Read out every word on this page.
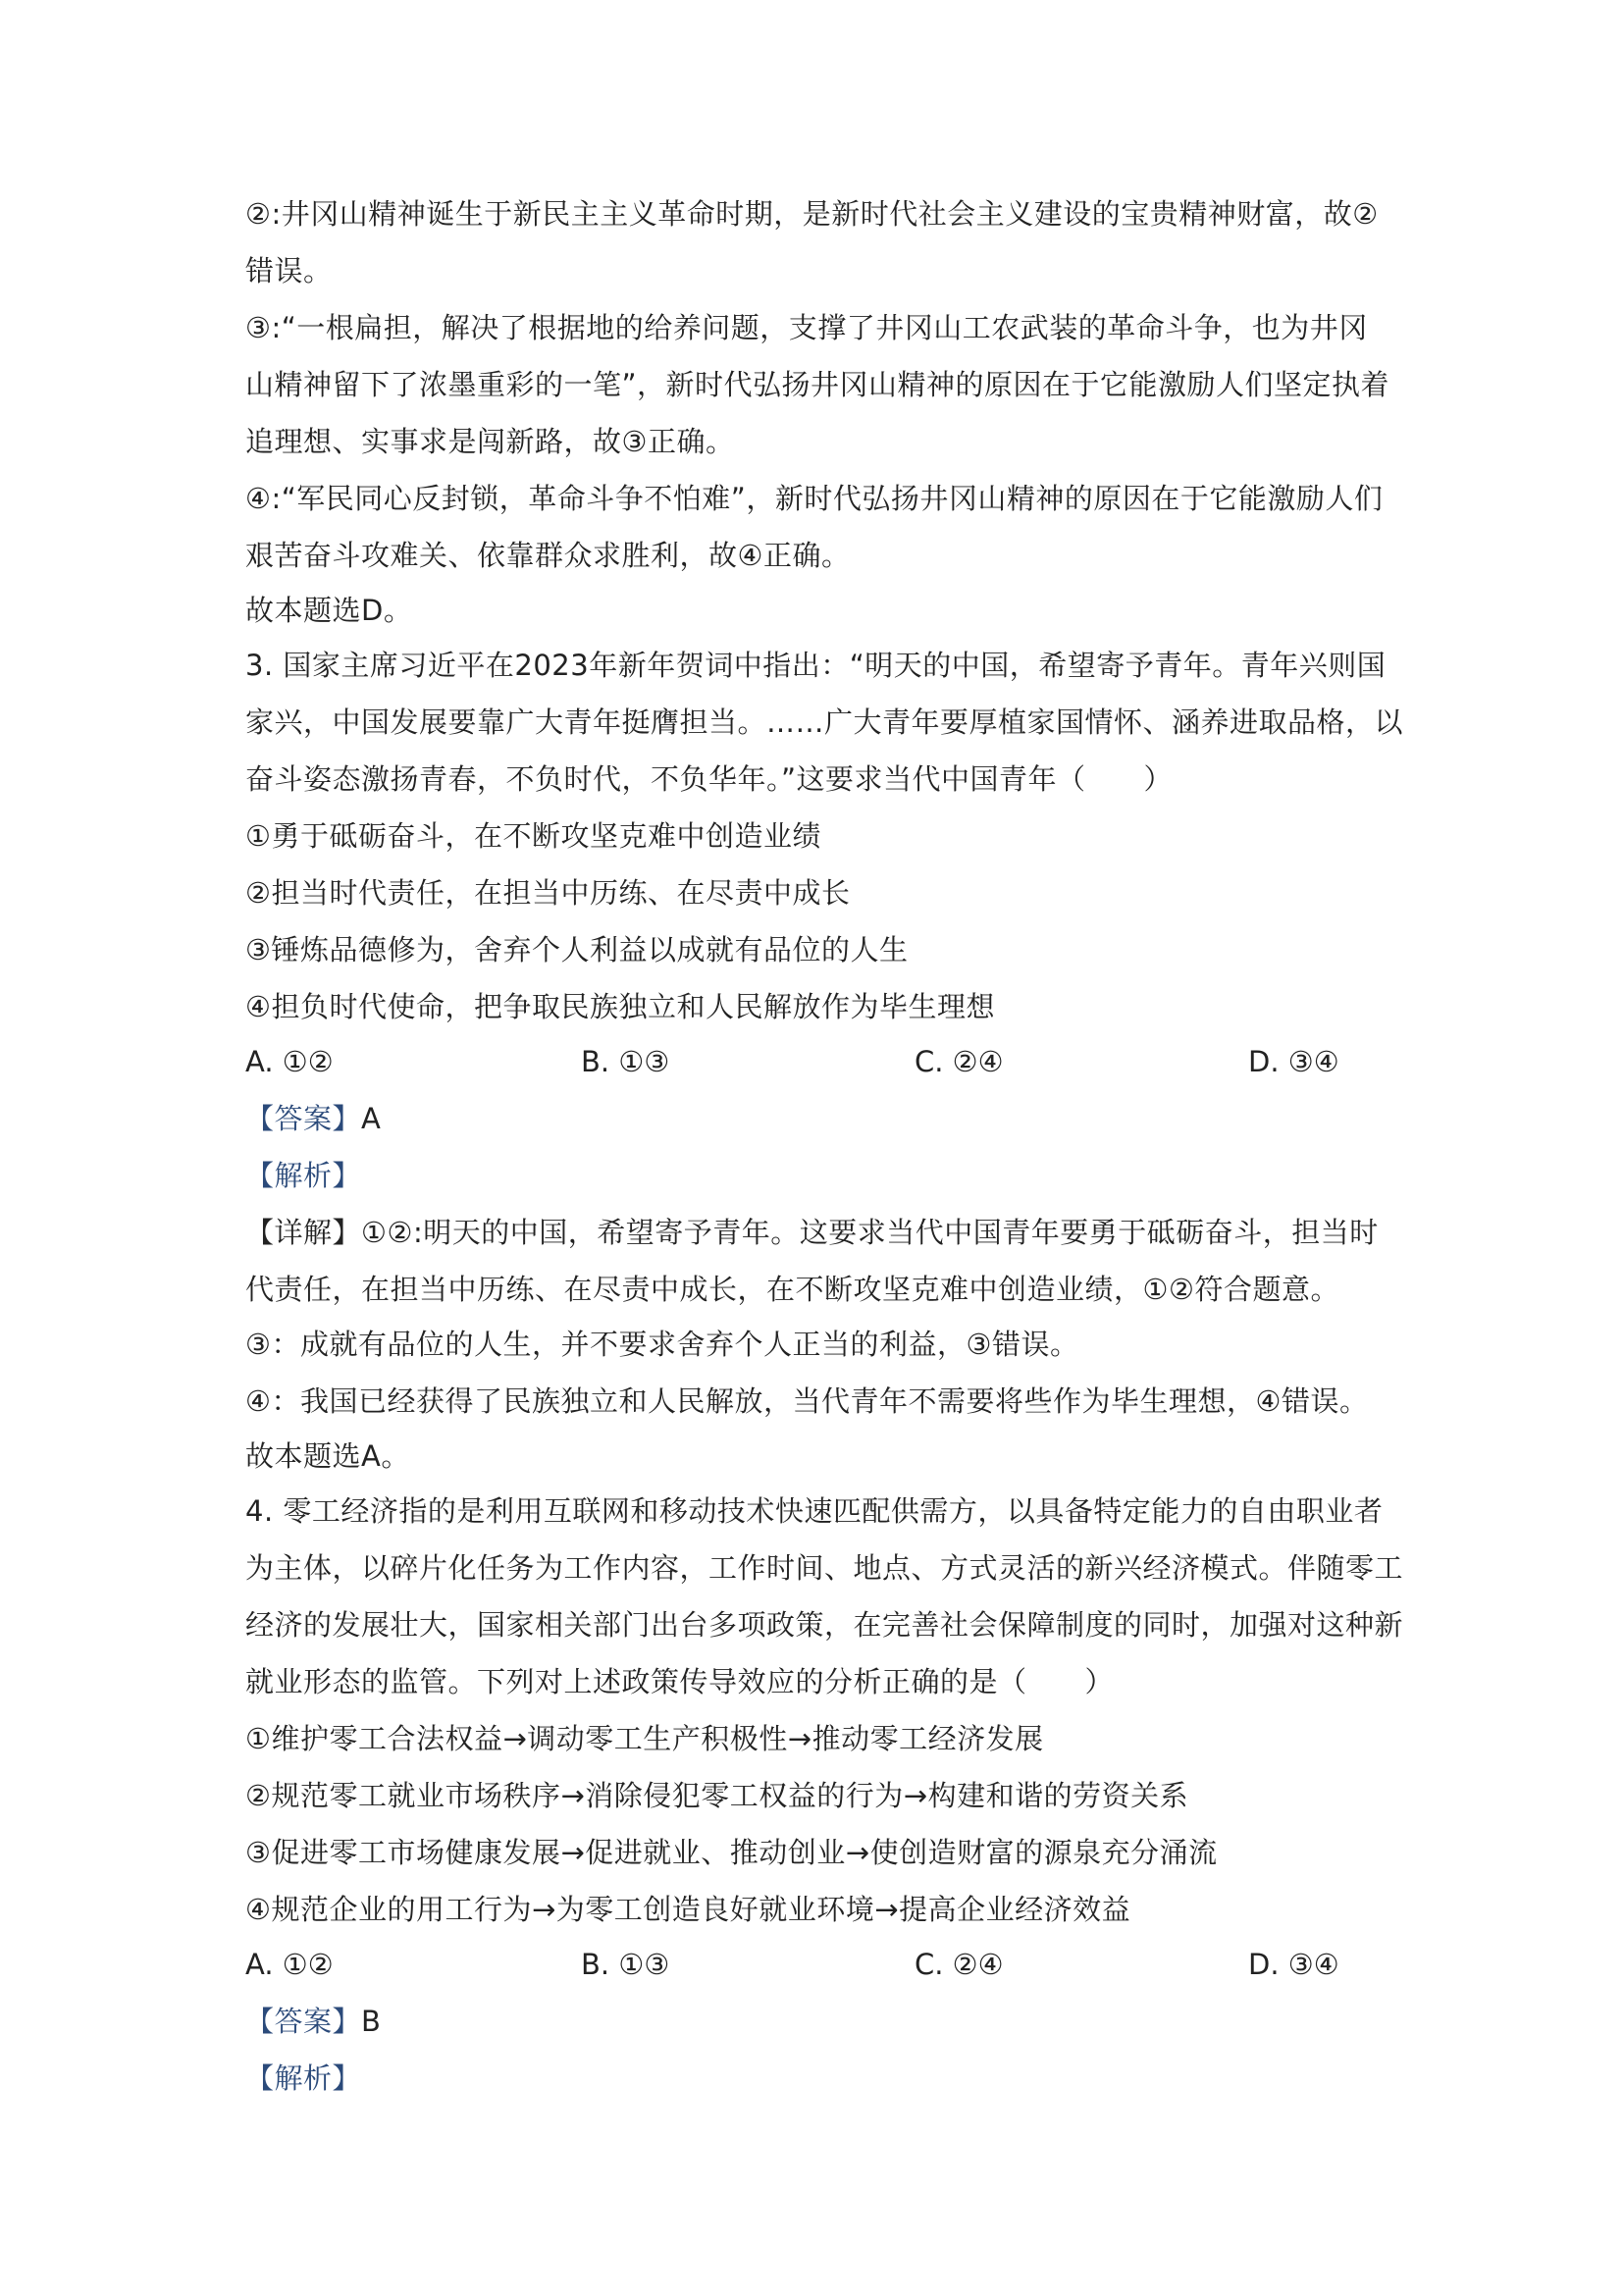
②:井冈山精神诞生于新民主主义革命时期，是新时代社会主义建设的宝贵精神财富，故②
错误。
③:“一根扁担，解决了根据地的给养问题，支撑了井冈山工农武装的革命斗争，也为井冈
山精神留下了浓墨重彩的一笔”，新时代弘扬井冈山精神的原因在于它能激励人们坚定执着
追理想、实事求是闯新路，故③正确。
④:“军民同心反封锁，革命斗争不怕难”，新时代弘扬井冈山精神的原因在于它能激励人们
艰苦奋斗攻难关、依靠群众求胜利，故④正确。
故本题选D。
3. 国家主席习近平在2023年新年贺词中指出：“明天的中国，希望寄予青年。青年兴则国
家兴，中国发展要靠广大青年挺膺担当。……广大青年要厚植家国情怀、涵养进取品格，以
奋斗姿态激扬青春，不负时代，不负华年。”这要求当代中国青年（　　）
①勇于砥砺奋斗，在不断攻坚克难中创造业绩
②担当时代责任，在担当中历练、在尽责中成长
③锤炼品德修为，舍弃个人利益以成就有品位的人生
④担负时代使命，把争取民族独立和人民解放作为毕生理想
A. ①②	B. ①③	C. ②④	D. ③④
【答案】A
【解析】
【详解】①②:明天的中国，希望寄予青年。这要求当代中国青年要勇于砥砺奋斗，担当时
代责任，在担当中历练、在尽责中成长，在不断攻坚克难中创造业绩，①②符合题意。
③：成就有品位的人生，并不要求舍弃个人正当的利益，③错误。
④：我国已经获得了民族独立和人民解放，当代青年不需要将些作为毕生理想，④错误。
故本题选A。
4. 零工经济指的是利用互联网和移动技术快速匹配供需方，以具备特定能力的自由职业者
为主体，以碎片化任务为工作内容，工作时间、地点、方式灵活的新兴经济模式。伴随零工
经济的发展壮大，国家相关部门出台多项政策，在完善社会保障制度的同时，加强对这种新
就业形态的监管。下列对上述政策传导效应的分析正确的是（　　）
①维护零工合法权益→调动零工生产积极性→推动零工经济发展
②规范零工就业市场秩序→消除侵犯零工权益的行为→构建和谐的劳资关系
③促进零工市场健康发展→促进就业、推动创业→使创造财富的源泉充分涌流
④规范企业的用工行为→为零工创造良好就业环境→提高企业经济效益
A. ①②	B. ①③	C. ②④	D. ③④
【答案】B
【解析】
